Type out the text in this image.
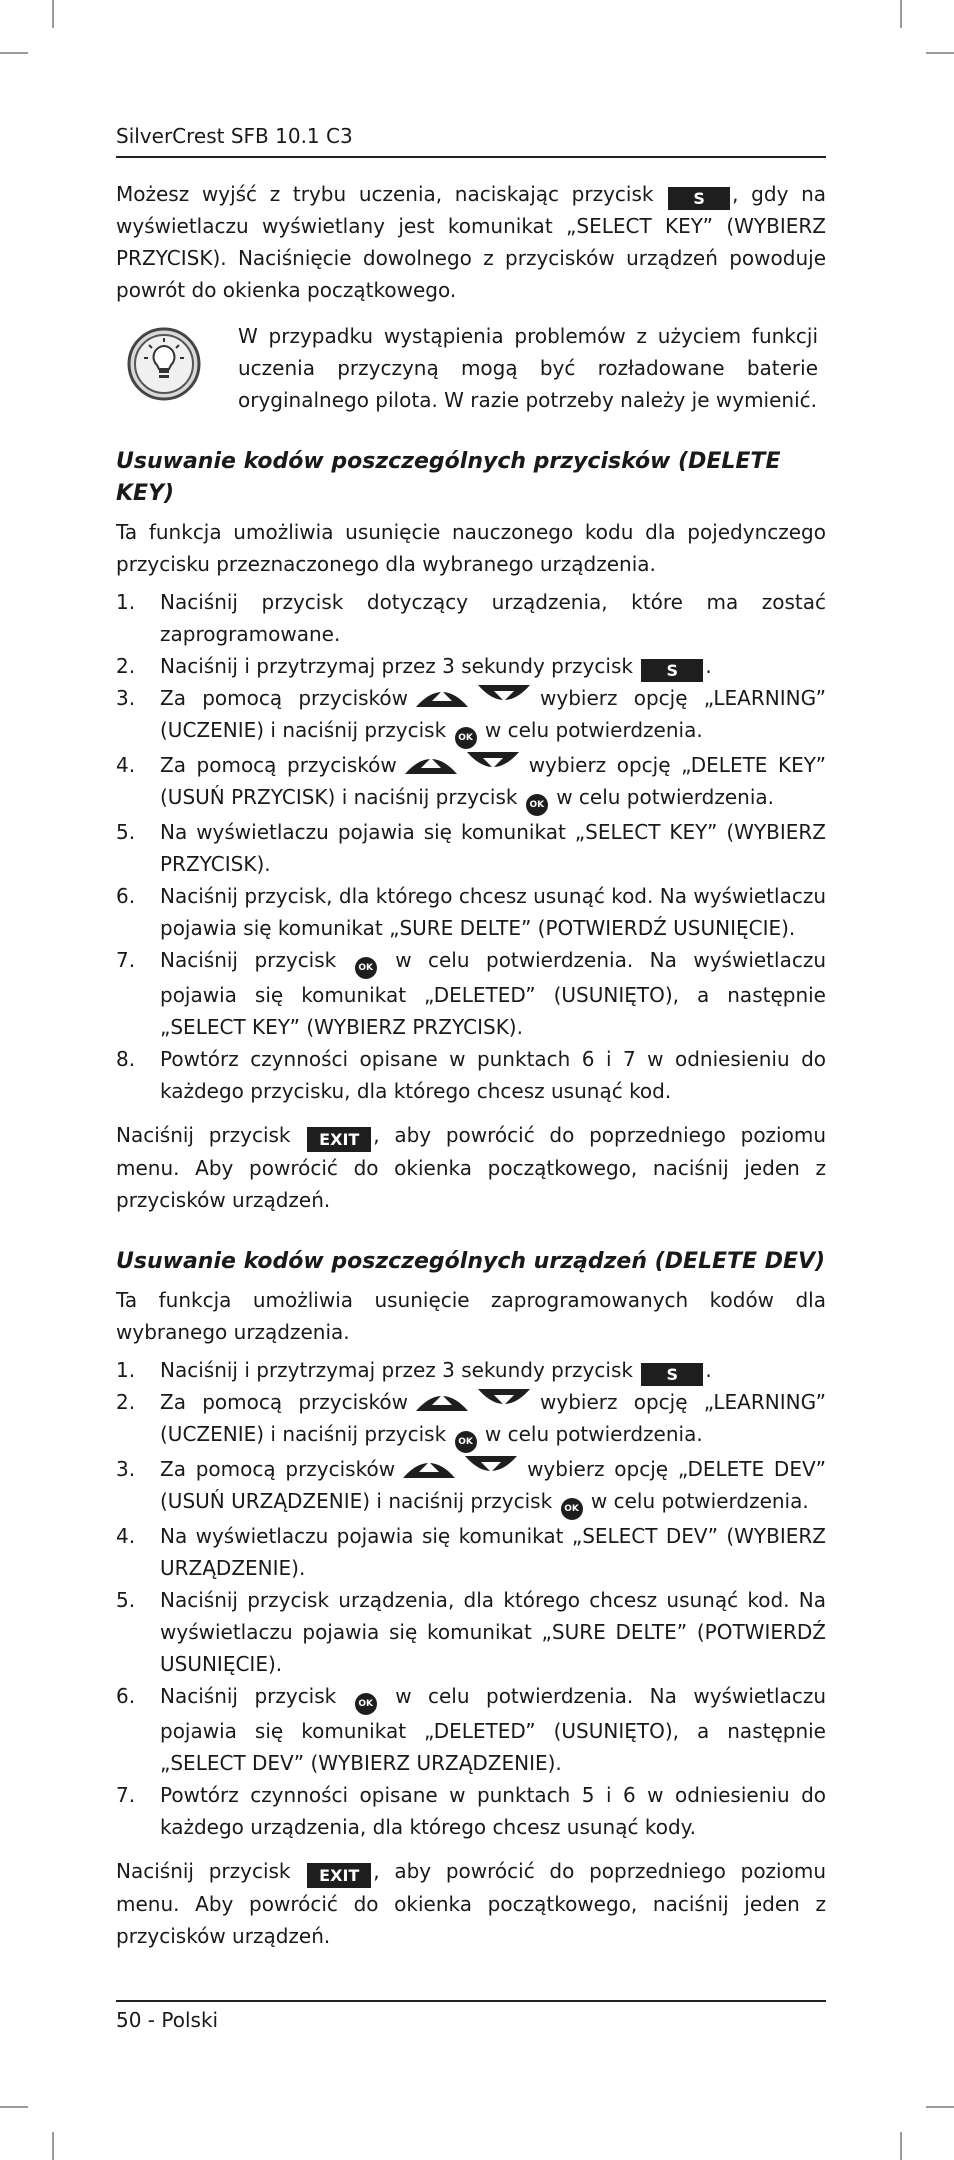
SilverCrest SFB 10.1 C3

Możesz wyjść z trybu uczenia, naciskając przycisk S , gdy na wyświetlaczu wyświetlany jest komunikat „SELECT KEY” (WYBIERZ PRZYCISK). Naciśnięcie dowolnego z przycisków urządzeń powoduje powrót do okienka początkowego.

W przypadku wystąpienia problemów z użyciem funkcji uczenia przyczyną mogą być rozładowane baterie oryginalnego pilota. W razie potrzeby należy je wymienić.

Usuwanie kodów poszczególnych przycisków (DELETE KEY)

Ta funkcja umożliwia usunięcie nauczonego kodu dla pojedynczego przycisku przeznaczonego dla wybranego urządzenia.

1.	Naciśnij przycisk dotyczący urządzenia, które ma zostać zaprogramowane.
2.	Naciśnij i przytrzymaj przez 3 sekundy przycisk S .
3.	Za pomocą przycisków	wybierz opcję „LEARNING” (UCZENIE) i naciśnij przycisk OK w celu potwierdzenia.
4.	Za pomocą przycisków	wybierz opcję „DELETE KEY” (USUŃ PRZYCISK) i naciśnij przycisk OK w celu potwierdzenia.
5.	Na wyświetlaczu pojawia się komunikat „SELECT KEY” (WYBIERZ PRZYCISK).
6.	Naciśnij przycisk, dla którego chcesz usunąć kod. Na wyświetlaczu pojawia się komunikat „SURE DELTE” (POTWIERDŹ USUNIĘCIE).
7.	Naciśnij przycisk OK w celu potwierdzenia. Na wyświetlaczu pojawia się komunikat „DELETED” (USUNIĘTO), a następnie „SELECT KEY” (WYBIERZ PRZYCISK).
8.	Powtórz czynności opisane w punktach 6 i 7 w odniesieniu do każdego przycisku, dla którego chcesz usunąć kod.

Naciśnij przycisk EXIT , aby powrócić do poprzedniego poziomu menu. Aby powrócić do okienka początkowego, naciśnij jeden z przycisków urządzeń.

Usuwanie kodów poszczególnych urządzeń (DELETE DEV)

Ta funkcja umożliwia usunięcie zaprogramowanych kodów dla wybranego urządzenia.

1.	Naciśnij i przytrzymaj przez 3 sekundy przycisk S .
2.	Za pomocą przycisków	wybierz opcję „LEARNING” (UCZENIE) i naciśnij przycisk OK w celu potwierdzenia.
3.	Za pomocą przycisków	wybierz opcję „DELETE DEV” (USUŃ URZĄDZENIE) i naciśnij przycisk OK w celu potwierdzenia.
4.	Na wyświetlaczu pojawia się komunikat „SELECT DEV” (WYBIERZ URZĄDZENIE).
5.	Naciśnij przycisk urządzenia, dla którego chcesz usunąć kod. Na wyświetlaczu pojawia się komunikat „SURE DELTE” (POTWIERDŹ USUNIĘCIE).
6.	Naciśnij przycisk OK w celu potwierdzenia. Na wyświetlaczu pojawia się komunikat „DELETED” (USUNIĘTO), a następnie „SELECT DEV” (WYBIERZ URZĄDZENIE).
7.	Powtórz czynności opisane w punktach 5 i 6 w odniesieniu do każdego urządzenia, dla którego chcesz usunąć kody.

Naciśnij przycisk EXIT , aby powrócić do poprzedniego poziomu menu. Aby powrócić do okienka początkowego, naciśnij jeden z przycisków urządzeń.

50 - Polski
